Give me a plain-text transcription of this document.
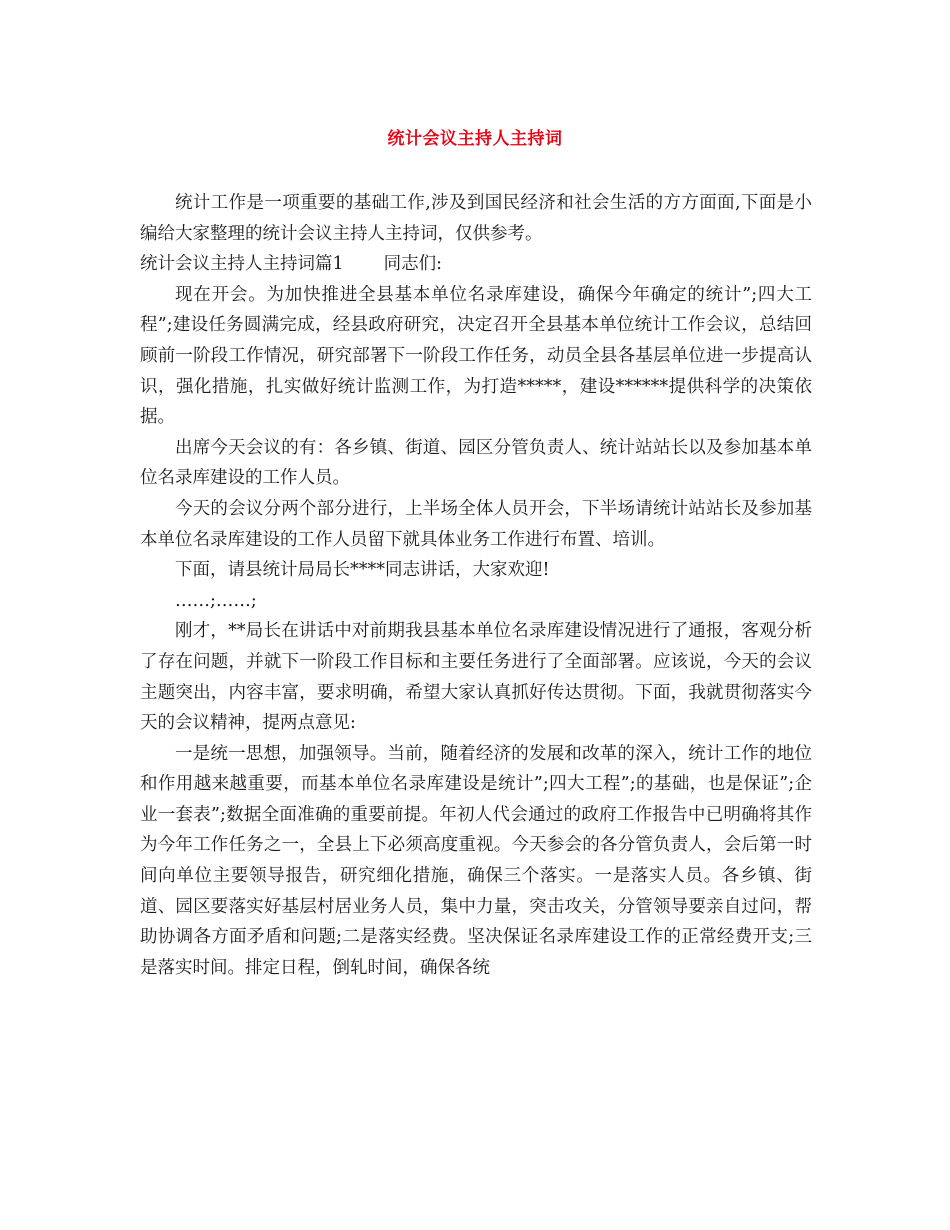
统计会议主持人主持词

统计工作是一项重要的基础工作,涉及到国民经济和社会生活的方方面面,下面是小编给大家整理的统计会议主持人主持词，仅供参考。

统计会议主持人主持词篇1 同志们:

现在开会。为加快推进全县基本单位名录库建设，确保今年确定的统计”;四大工程”;建设任务圆满完成，经县政府研究，决定召开全县基本单位统计工作会议，总结回顾前一阶段工作情况，研究部署下一阶段工作任务，动员全县各基层单位进一步提高认识，强化措施，扎实做好统计监测工作，为打造*****，建设******提供科学的决策依据。

出席今天会议的有：各乡镇、街道、园区分管负责人、统计站站长以及参加基本单位名录库建设的工作人员。

今天的会议分两个部分进行，上半场全体人员开会，下半场请统计站站长及参加基本单位名录库建设的工作人员留下就具体业务工作进行布置、培训。

下面，请县统计局局长****同志讲话，大家欢迎!

……;……;

刚才，**局长在讲话中对前期我县基本单位名录库建设情况进行了通报，客观分析了存在问题，并就下一阶段工作目标和主要任务进行了全面部署。应该说，今天的会议主题突出，内容丰富，要求明确，希望大家认真抓好传达贯彻。下面，我就贯彻落实今天的会议精神，提两点意见:

一是统一思想，加强领导。当前，随着经济的发展和改革的深入，统计工作的地位和作用越来越重要，而基本单位名录库建设是统计”;四大工程”;的基础，也是保证”;企业一套表”;数据全面准确的重要前提。年初人代会通过的政府工作报告中已明确将其作为今年工作任务之一，全县上下必须高度重视。今天参会的各分管负责人，会后第一时间向单位主要领导报告，研究细化措施，确保三个落实。一是落实人员。各乡镇、街道、园区要落实好基层村居业务人员，集中力量，突击攻关，分管领导要亲自过问，帮助协调各方面矛盾和问题;二是落实经费。坚决保证名录库建设工作的正常经费开支;三是落实时间。排定日程，倒轧时间，确保各统
